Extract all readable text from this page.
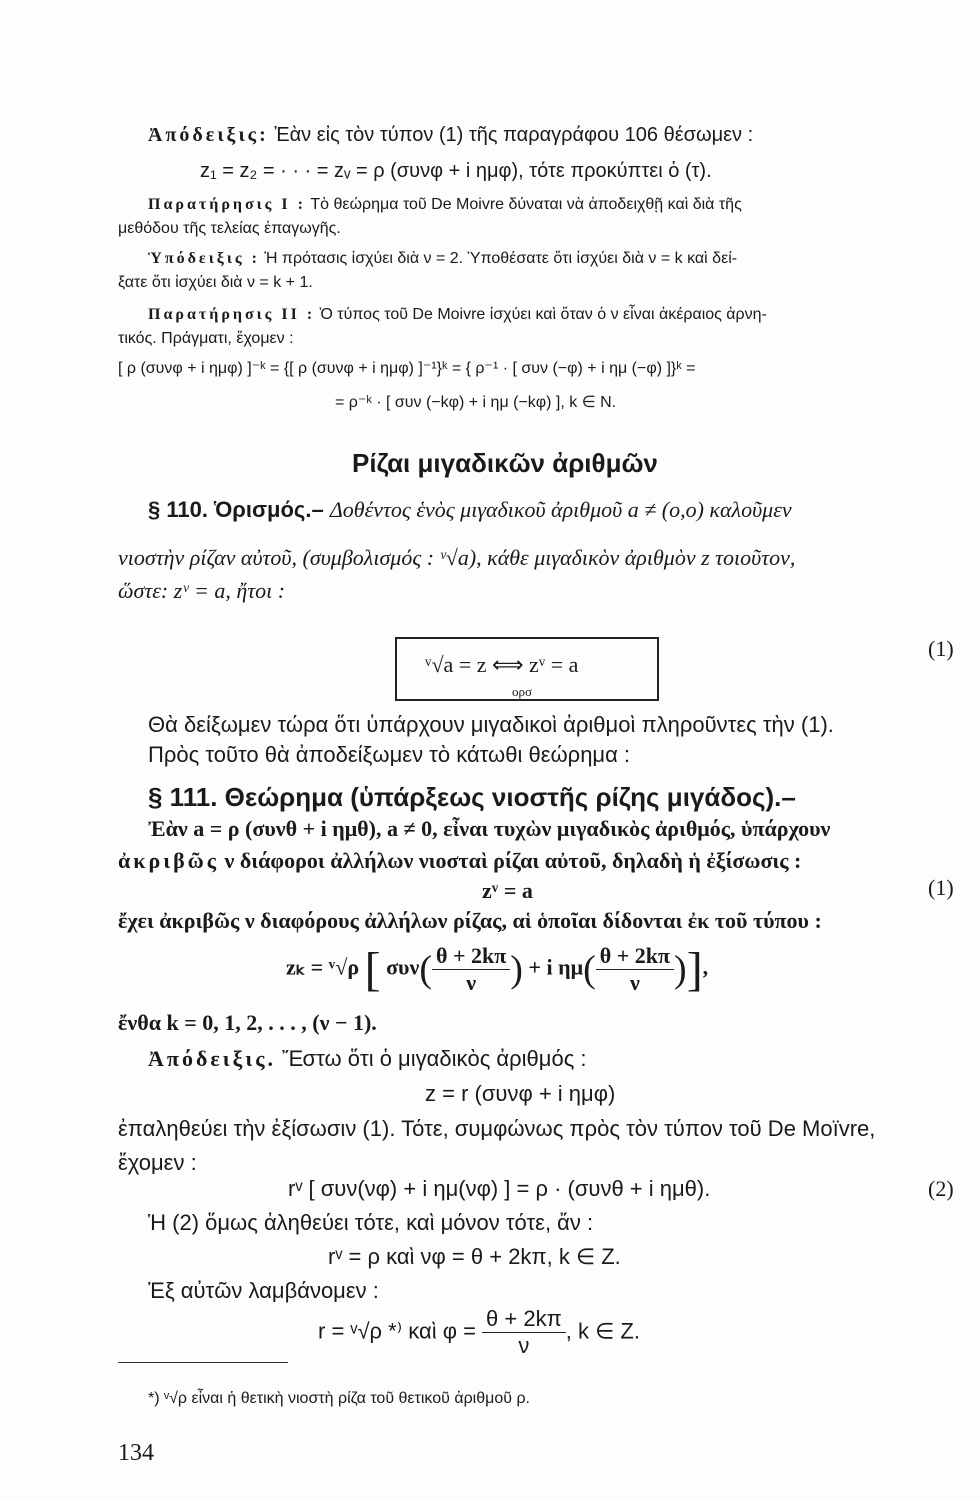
Ἀπόδειξις: Ἐὰν εἰς τὸν τύπον (1) τῆς παραγράφου 106 θέσωμεν :
z₁ = z₂ = · · · = zᵥ = ρ (συνφ + i ημφ), τότε προκύπτει ὁ (τ).
Παρατήρησις I : Τὸ θεώρημα τοῦ De Moivre δύναται νὰ ἀποδειχθῇ καὶ διὰ τῆς
μεθόδου τῆς τελείας ἐπαγωγῆς.
Ὑπόδειξις : Ἡ πρότασις ἰσχύει διὰ ν = 2. Ὑποθέσατε ὅτι ἰσχύει διὰ ν = k καὶ δεί-
ξατε ὅτι ἰσχύει διὰ ν = k + 1.
Παρατήρησις II : Ὁ τύπος τοῦ De Moivre ἰσχύει καὶ ὅταν ὁ ν εἶναι ἀκέραιος ἀρνη-
τικός. Πράγματι, ἔχομεν :
[ ρ (συνφ + i ημφ) ]⁻ᵏ = {[ ρ (συνφ + i ημφ) ]⁻¹}ᵏ = { ρ⁻¹ · [ συν (−φ) + i ημ (−φ) ]}ᵏ =
= ρ⁻ᵏ · [ συν (−kφ) + i ημ (−kφ) ], k ∈ N.
Ρίζαι μιγαδικῶν ἀριθμῶν
§ 110. Ὁρισμός.– Δοθέντος ἑνὸς μιγαδικοῦ ἀριθμοῦ a ≠ (o,o) καλοῦμεν
νιοστὴν ρίζαν αὐτοῦ, (συμβολισμός : ᵛ√a), κάθε μιγαδικὸν ἀριθμὸν z τοιοῦτον,
ὥστε: zᵛ = a, ἤτοι :
ᵛ√a = z ⟺ zᵛ = a
ορσ
(1)
Θὰ δείξωμεν τώρα ὅτι ὑπάρχουν μιγαδικοὶ ἀριθμοὶ πληροῦντες τὴν (1).
Πρὸς τοῦτο θὰ ἀποδείξωμεν τὸ κάτωθι θεώρημα :
§ 111. Θεώρημα (ὑπάρξεως νιοστῆς ρίζης μιγάδος).–
Ἐὰν a = ρ (συνθ + i ημθ), a ≠ 0, εἶναι τυχὼν μιγαδικὸς ἀριθμός, ὑπάρχουν
ἀκριβῶς ν διάφοροι ἀλλήλων νιοσταὶ ρίζαι αὐτοῦ, δηλαδὴ ἡ ἐξίσωσις :
zᵛ = a	(1)
ἔχει ἀκριβῶς ν διαφόρους ἀλλήλων ρίζας, αἱ ὁποῖαι δίδονται ἐκ τοῦ τύπου :
zₖ = ᵛ√ρ [ $\sigma\upsilon\nu( \frac{\theta + 2k\pi}{\nu}$ ) + i $\eta\mu( \frac{\theta + 2k\pi}{\nu}$ )],
ἔνθα k = 0, 1, 2, . . . , (ν − 1).
Ἀπόδειξις. Ἔστω ὅτι ὁ μιγαδικὸς ἀριθμός :
z = r (συνφ + i ημφ)
ἐπαληθεύει τὴν ἐξίσωσιν (1). Τότε, συμφώνως πρὸς τὸν τύπον τοῦ De Moïvre,
ἔχομεν :
rᵛ [ συν(νφ) + i ημ(νφ) ] = ρ · (συνθ + i ημθ).	(2)
Ἡ (2) ὅμως ἀληθεύει τότε, καὶ μόνον τότε, ἄν :
rᵛ = ρ καὶ νφ = θ + 2kπ, k ∈ Z.
Ἐξ αὐτῶν λαμβάνομεν :
r = ᵛ√ρ *⁾ καὶ $\varphi = \frac{\theta + 2k\pi}{\nu}$ , k ∈ Z.
*) ᵛ√ρ εἶναι ἡ θετικὴ νιοστὴ ρίζα τοῦ θετικοῦ ἀριθμοῦ ρ.
134
